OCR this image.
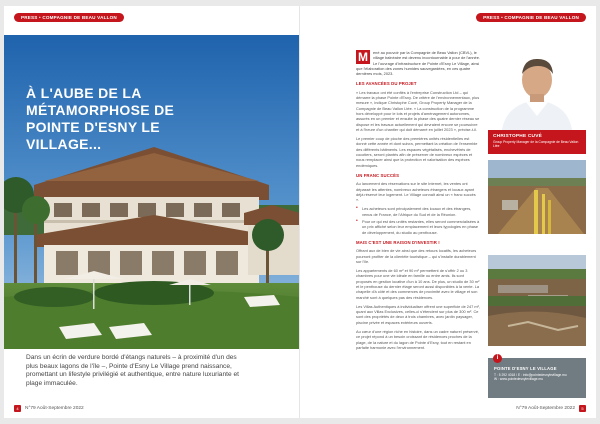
PRESS • COMPAGNIE DE BEAU VALLON
À L'AUBE DE LA MÉTAMORPHOSE DE POINTE D'ESNY LE VILLAGE...
Dans un écrin de verdure bordé d'étangs naturels – à proximité d'un des plus beaux lagons de l'île –, Pointe d'Esny Le Village prend naissance, promettant un lifestyle privilégié et authentique, entre nature luxuriante et plage immaculée.
4	N°79 Août-Septembre 2022
PRESS • COMPAGNIE DE BEAU VALLON

M	ené au pouvoir par la Compagnie de Beau Vallon (CBVL), le village balnéaire est devenu incontournable à pour de l'année. Le l'ouvrage d'infrastructure de Pointe d'Esny Le Village, ainsi que l'élaboration des zones humides sauvegardées, en ces quatre dernières mois, 2023.

LES AVANCÉES DU PROJET

« Les travaux ont été confiés à l'entreprise Construction Ltd – qui démarre la phase Pointe d'Esny. De critère de l'environnementaux, plus mesure », indique Christophe Cuvé, Group Property Manager de la Compagnie de Beau Vallon Ltée. « La construction de la programme hors développé pour le lots et projets d'aménagement autonomes, assurés en un premier et ensuite la phase des quatre dernier réseau se dispose et les travaux actuellement qui devraient encore se poursuivre et à l'heure d'un chantier qui doit démarré en juillet 2023 », précise-t-il.

Le premier coup de pioche des premières unités résidentielles est donné cette année et dont suivra, permettant la création de l'ensemble des différents bâtiments. Les espaces végétalisés, enchevêtrés de cocotiers, seront plantés afin de préserver de nombreux espèces et nous remplacer ainsi que la protection et valorisation des espèces endémiques.

UN FRANC SUCCÈS

Au lancement des réservations sur le site Internet, les ventes ont dépassé les attentes, nombreux acheteurs étrangers et locaux ayant déjà réservé leur logement. Le Village connaît ainsi un « franc succès ».

• Les acheteurs sont principalement des locaux et des étrangers, venus de France, de l'Afrique du Sud et de la Réunion.
• Pour ce qui est des unités restantes, elles seront commercialisées à un prix affiché selon leur emplacement et leurs typologies en phase de développement, du studio au penthouse.
MAIS C'EST UNE RAISON D'INVESTIR !

Offrant aux de bien de vie ainsi que des retours locatifs, les acheteurs pourront profiter de la clientèle touristique – qui s'installe durablement sur l'île.

Les appartements de 60 m² et 90 m² permettent de s'offrir 2 ou 3 chambres pour une vie idéale en famille ou entre amis. Ils sont proposés en gestion locative d'un à 10 ans. De plus, un studio de 30 m² et le penthouse du dernier étage seront aussi disponibles à la vente. La chapelle d'à côté et des commerces de proximité avec le village et son marché sont à quelques pas des résidences.

Les Villas Authentiques à individualiser offrent une superficie de 247 m², quant aux Villas Exclusives, celles-ci s'étendent sur plus de 300 m². Ce sont des propriétés de deux à trois chambres, avec jardin paysager, piscine privée et espaces extérieurs ouverts.

Au cœur d'une région riche en histoire, dans un cadre naturel préservé, ce projet répond à un besoin croissant de résidences proches de la plage, de la nature et du lagon de Pointe d'Esny, tout en restant en parfaite harmonie avec l'environnement.

CHRISTOPHE CUVÉ
Group Property Manager de la Compagnie de Beau Vallon Ltée
i
POINTE D'ESNY LE VILLAGE
T : 5 292 4018 / E : info@pointedesnylevillage.mu
W : www.pointedesnylevillage.mu
N°79 Août-Septembre 2022	5
